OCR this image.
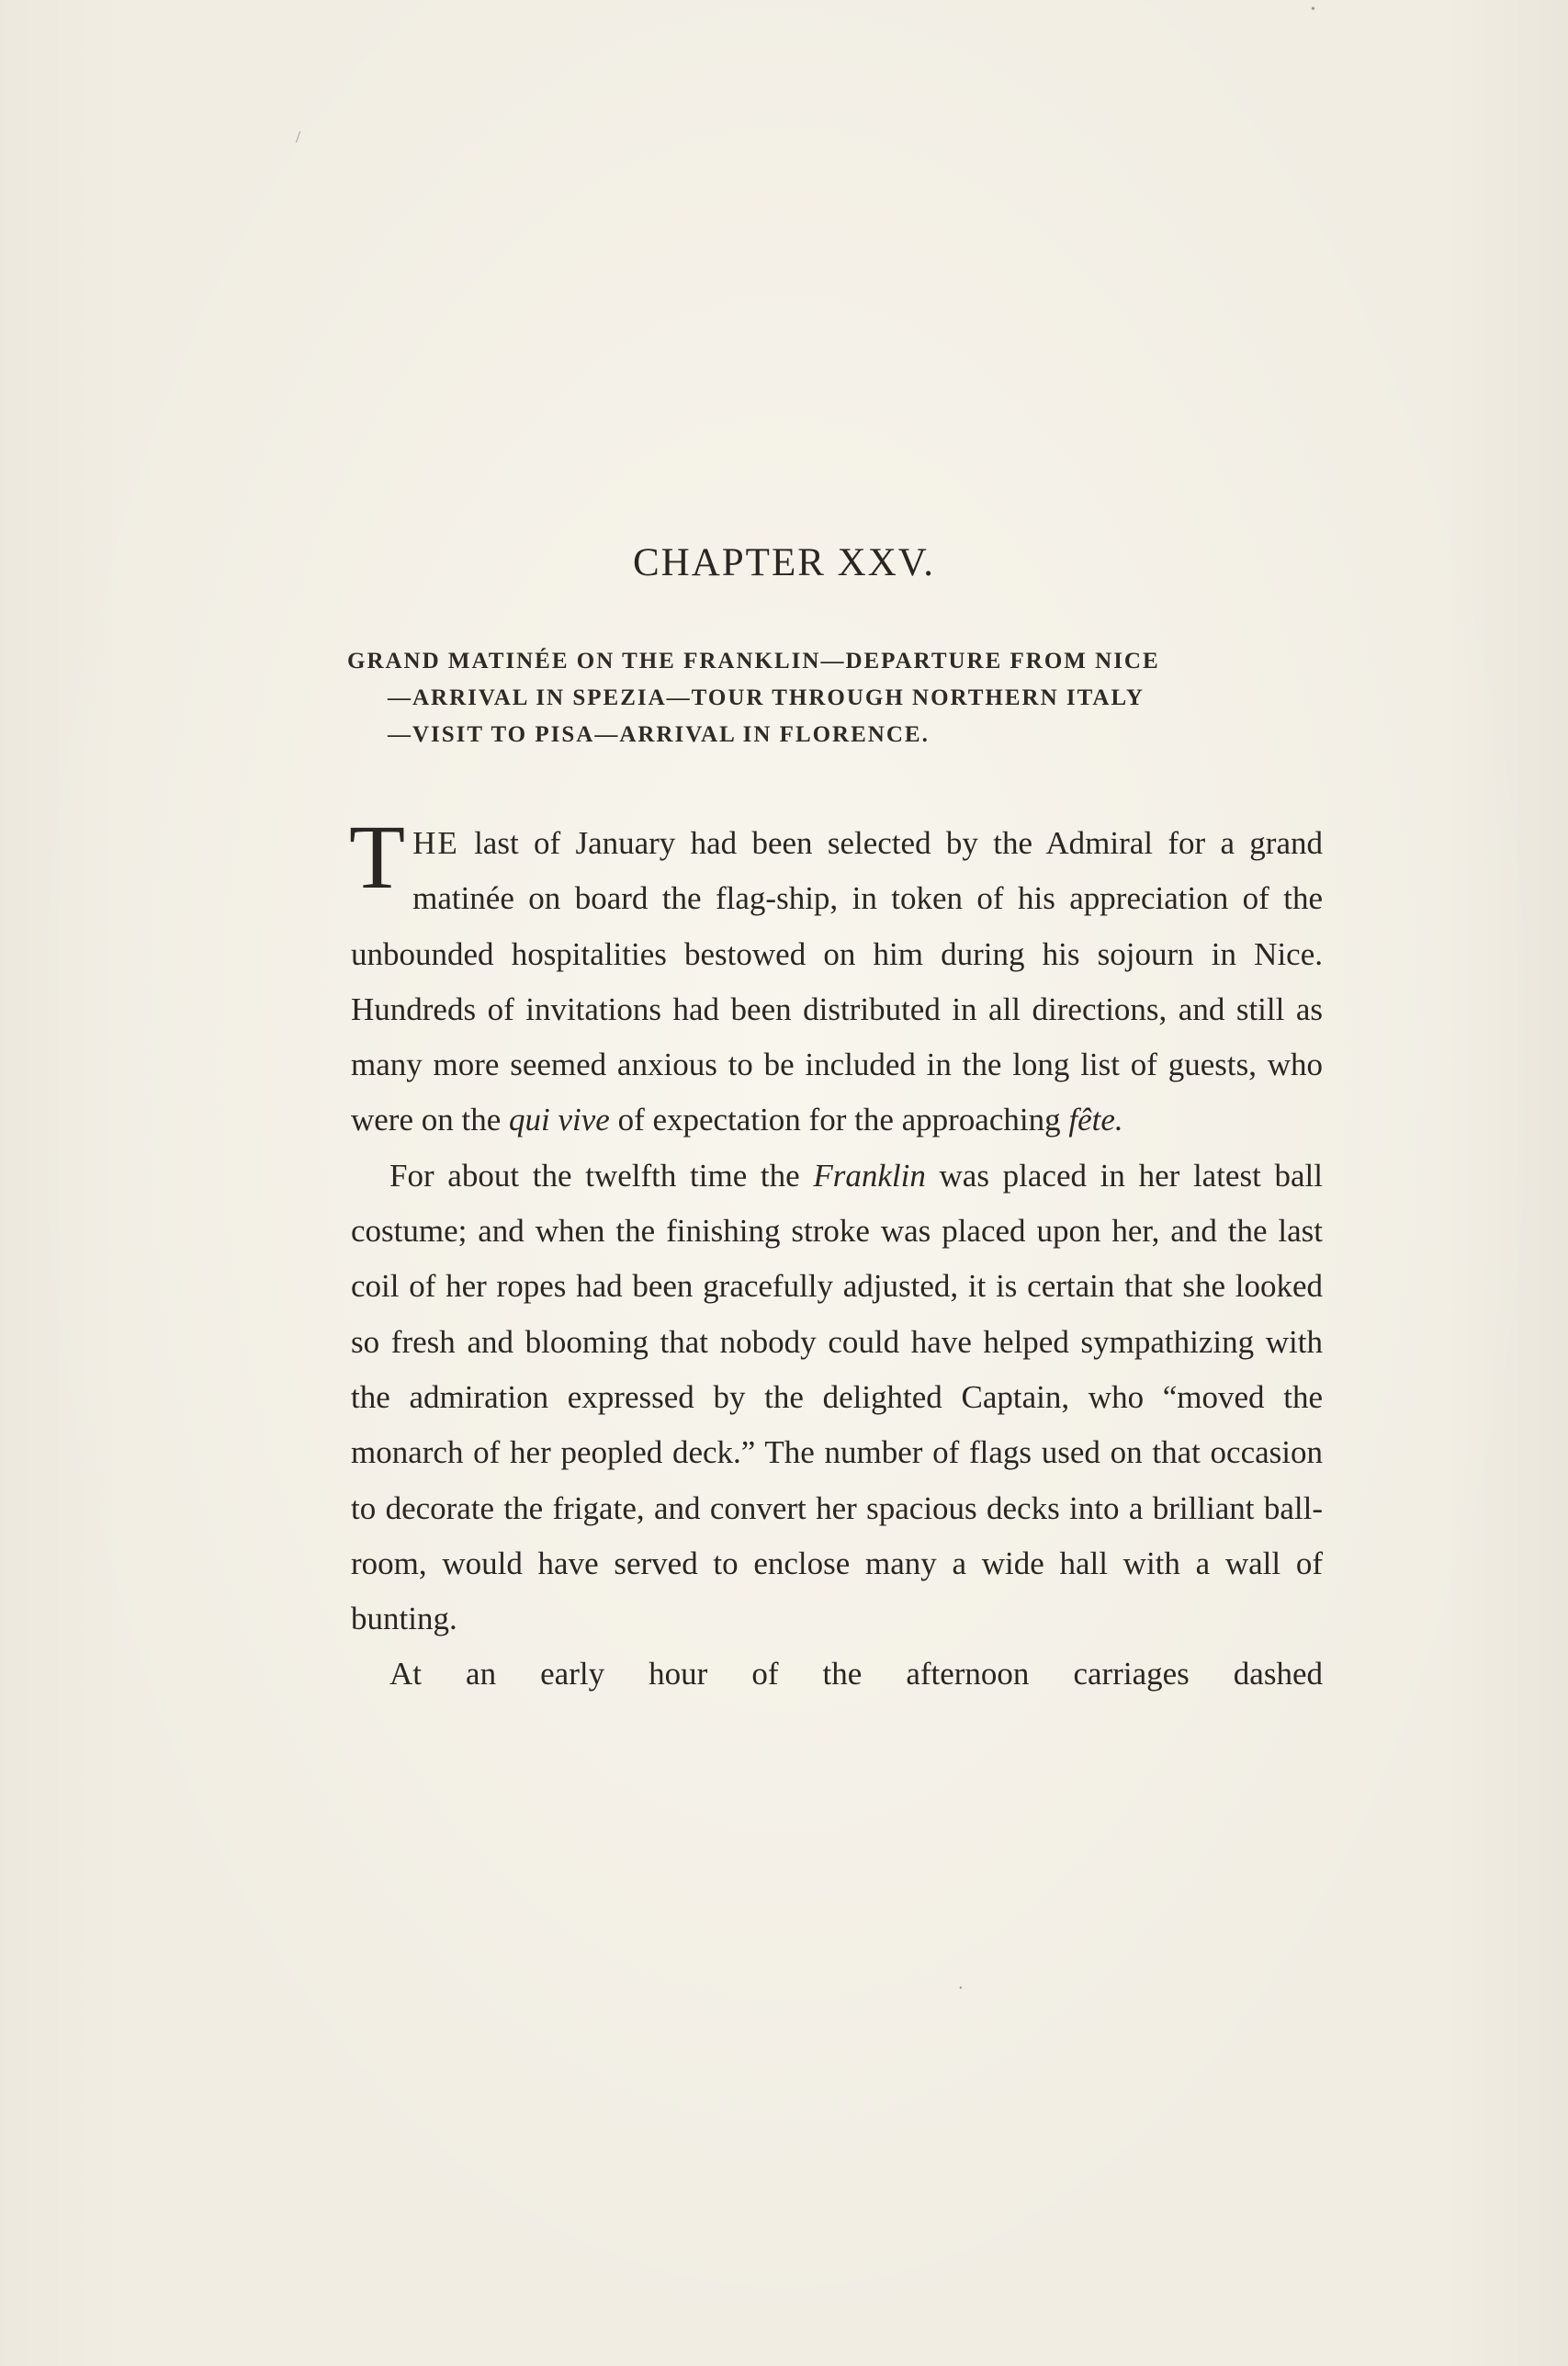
/
•
•
CHAPTER XXV.
GRAND MATINÉE ON THE FRANKLIN—DEPARTURE FROM NICE
—ARRIVAL IN SPEZIA—TOUR THROUGH NORTHERN ITALY
—VISIT TO PISA—ARRIVAL IN FLORENCE.

THE last of January had been selected by the Admiral for a grand matinée on board the flag-ship, in token of his appreciation of the unbounded hospitalities bestowed on him during his sojourn in Nice. Hundreds of invitations had been distributed in all directions, and still as many more seemed anxious to be included in the long list of guests, who were on the qui vive of expectation for the approaching fête.

For about the twelfth time the Franklin was placed in her latest ball costume; and when the finishing stroke was placed upon her, and the last coil of her ropes had been gracefully adjusted, it is certain that she looked so fresh and blooming that nobody could have helped sympathizing with the admiration expressed by the delighted Captain, who “moved the monarch of her peopled deck.” The number of flags used on that occasion to decorate the frigate, and convert her spacious decks into a brilliant ball-room, would have served to enclose many a wide hall with a wall of bunting.

At an early hour of the afternoon carriages dashed
